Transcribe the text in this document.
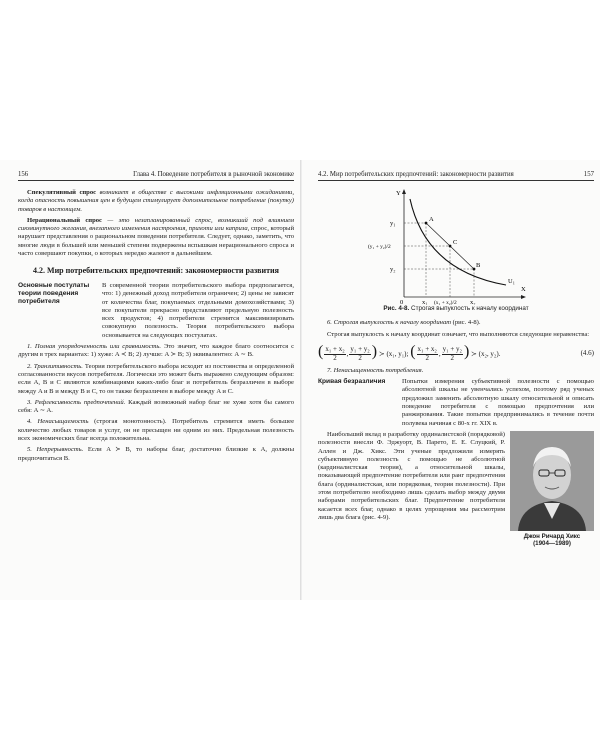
156	Глава 4. Поведение потребителя в рыночной экономике

Спекулятивный спрос возникает в обществе с высокими инфляционными ожиданиями, когда опасность повышения цен в будущем стимулирует дополнительное потребление (покупку) товаров в настоящем.

Нерациональный спрос — это незапланированный спрос, возникший под влиянием сиюминутного желания, внезапного изменения настроения, прихоти или каприза, спрос, который нарушает представления о рациональном поведении потребителя. Следует, однако, заметить, что многие люди в большей или меньшей степени подвержены вспышкам нерационального спроса и часто совершают покупки, о которых нередко жалеют в дальнейшем.

4.2. Мир потребительских предпочтений: закономерности развития
Основные постулаты теории поведения потребителя

В современной теории потребительского выбора предполагается, что: 1) денежный доход потребителя ограничен; 2) цены не зависят от количества благ, покупаемых отдельными домохозяйствами; 3) все покупатели прекрасно представляют предельную полезность всех продуктов; 4) потребители стремятся максимизировать совокупную полезность. Теория потребительского выбора основывается на следующих постулатах.

1. Полная упорядоченность или сравнимость. Это значит, что каждое благо соотносится с другим в трех вариантах: 1) хуже: A ≺ B; 2) лучше: A ≻ B; 3) эквивалентно: A ∼ B.

2. Транзитивность. Теория потребительского выбора исходит из постоянства и определенной согласованности вкусов потребителя. Логически это может быть выражено следующим образом: если A, B и C являются комбинациями каких-либо благ и потребитель безразличен в выборе между A и B и между B и C, то он также безразличен в выборе между A и C.

3. Рефлексивность предпочтений. Каждый возможный набор благ не хуже хотя бы самого себя: A ∼ A.

4. Ненасыщаемость (строгая монотонность). Потребитель стремится иметь большее количество любых товаров и услуг, он не пресыщен ни одним из них. Предельная полезность всех экономических благ всегда положительна.

5. Непрерывность. Если A ≻ B, то наборы благ, достаточно близкие к A, должны предпочитаться B.

4.2. Мир потребительских предпочтений: закономерности развития	157
Y
X
A
C
B
U₁
y₁
(y₁ + y₂)/2
y₂
0	x₁ (x₁ + x₂)/2 x₂
Рис. 4-8. Строгая выпуклость к началу координат

6. Строгая выпуклость к началу координат (рис. 4-8).

Строгая выпуклость к началу координат означает, что выполняются следующие неравенства:

( $\frac{\text{x₁ + x₂}}{2}$ , $\frac{\text{y₁ + y₂}}{2}$ ) ≻ (x₁, y₁); ( $\frac{\text{x₁ + x₂}}{2}$ , $\frac{\text{y₁ + y₂}}{2}$ ) ≻ (x₂, y₂).	(4.6)

7. Ненасыщенность потребления.

Кривая безразличия	Попытки измерения субъективной полезности с помощью абсолютной шкалы не увенчались успехом, поэтому ряд ученых предложил заменить абсолютную шкалу относительной и описать поведение потребителя с помощью предпочтения или ранжирования. Такие попытки предпринимались в течение почти полувека начиная с 80-х гг. XIX в.

Джон Ричард Хикс
(1904—1989)

Наибольший вклад в разработку ординалистской (порядковой) полезности внесли Ф. Эджуорт, В. Парето, Е. Е. Слуцкий, Р. Аллен и Дж. Хикс. Эти ученые предложили измерять субъективную полезность с помощью не абсолютной (кардиналистская теория), а относительной шкалы, показывающей предпочтение потребителя или ранг предпочтения блага (ординалистская, или порядковая, теория полезности). При этом потребителю необходимо лишь сделать выбор между двумя наборами потребительских благ. Предпочтение потребителя касается всех благ, однако в целях упрощения мы рассмотрим лишь два блага (рис. 4-9).
